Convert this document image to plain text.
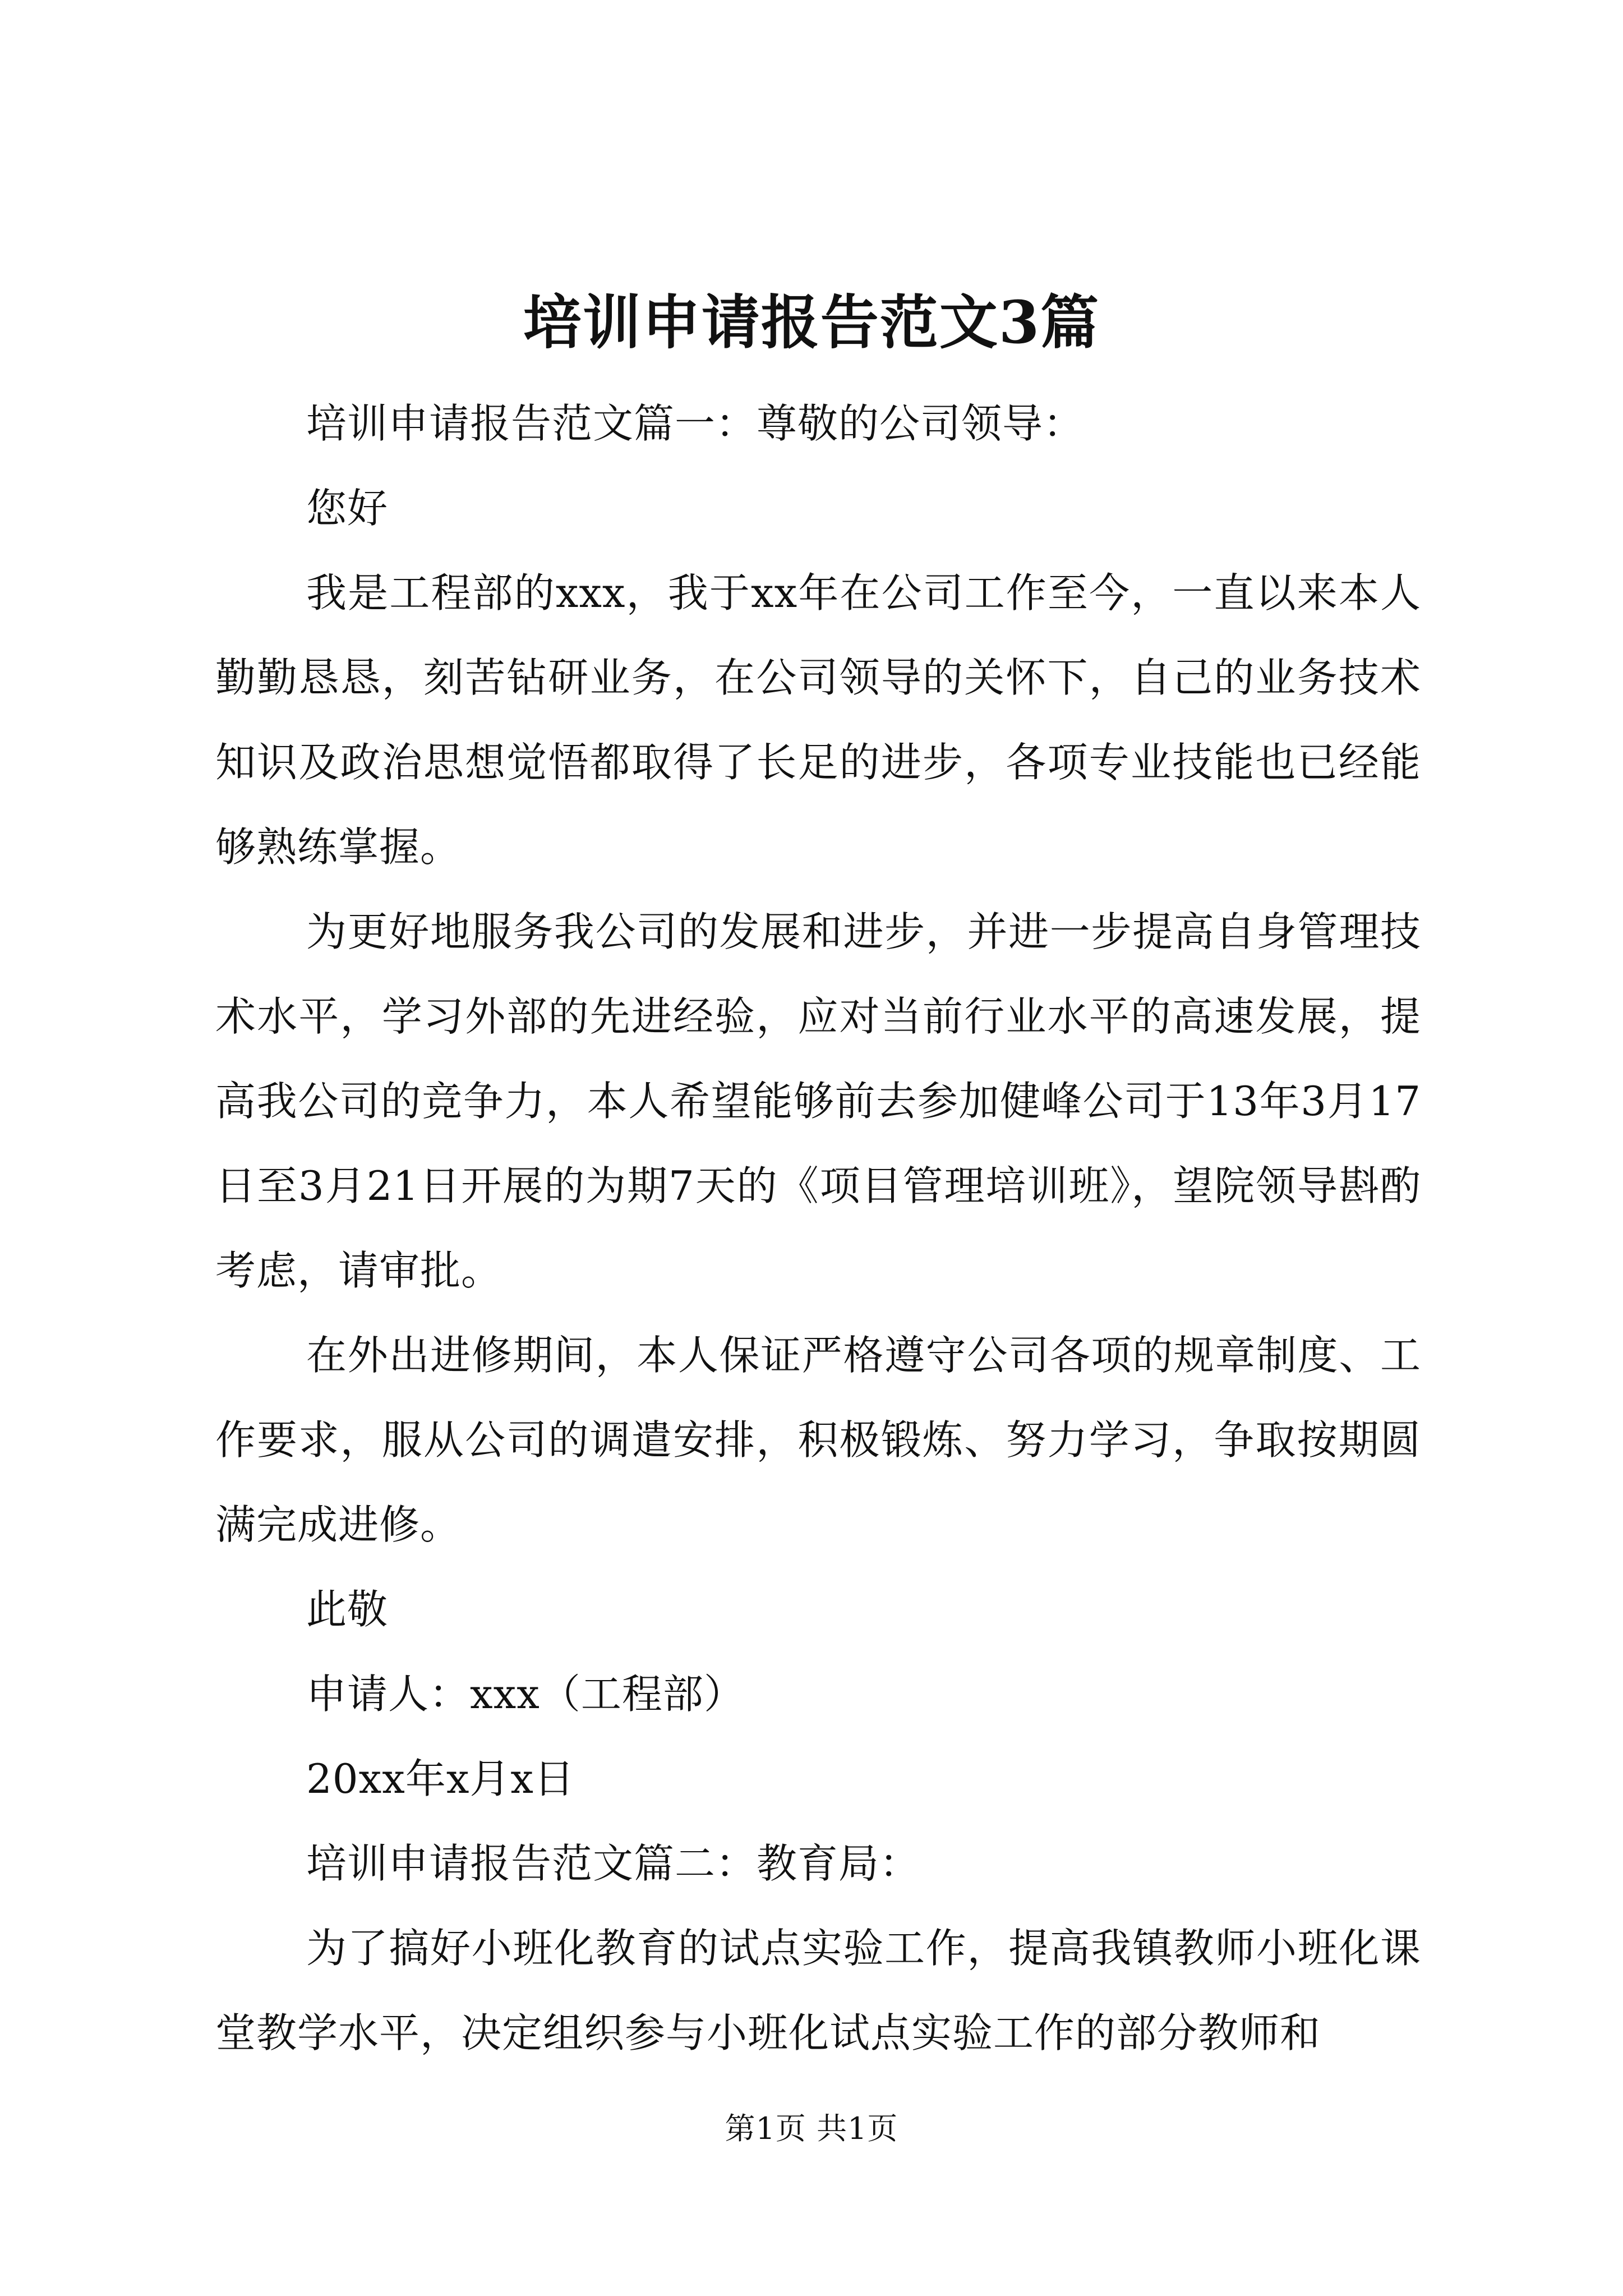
培训申请报告范文3篇

培训申请报告范文篇一：尊敬的公司领导：

您好

我是工程部的xxx，我于xx年在公司工作至今，一直以来本人勤勤恳恳，刻苦钻研业务，在公司领导的关怀下，自己的业务技术知识及政治思想觉悟都取得了长足的进步，各项专业技能也已经能够熟练掌握。

为更好地服务我公司的发展和进步，并进一步提高自身管理技术水平，学习外部的先进经验，应对当前行业水平的高速发展，提高我公司的竞争力，本人希望能够前去参加健峰公司于13年3月17日至3月21日开展的为期7天的《项目管理培训班》，望院领导斟酌考虑，请审批。

在外出进修期间，本人保证严格遵守公司各项的规章制度、工作要求，服从公司的调遣安排，积极锻炼、努力学习，争取按期圆满完成进修。

此敬

申请人：xxx（工程部）

20xx年x月x日

培训申请报告范文篇二：教育局：

为了搞好小班化教育的试点实验工作，提高我镇教师小班化课堂教学水平，决定组织参与小班化试点实验工作的部分教师和

第1页 共1页
